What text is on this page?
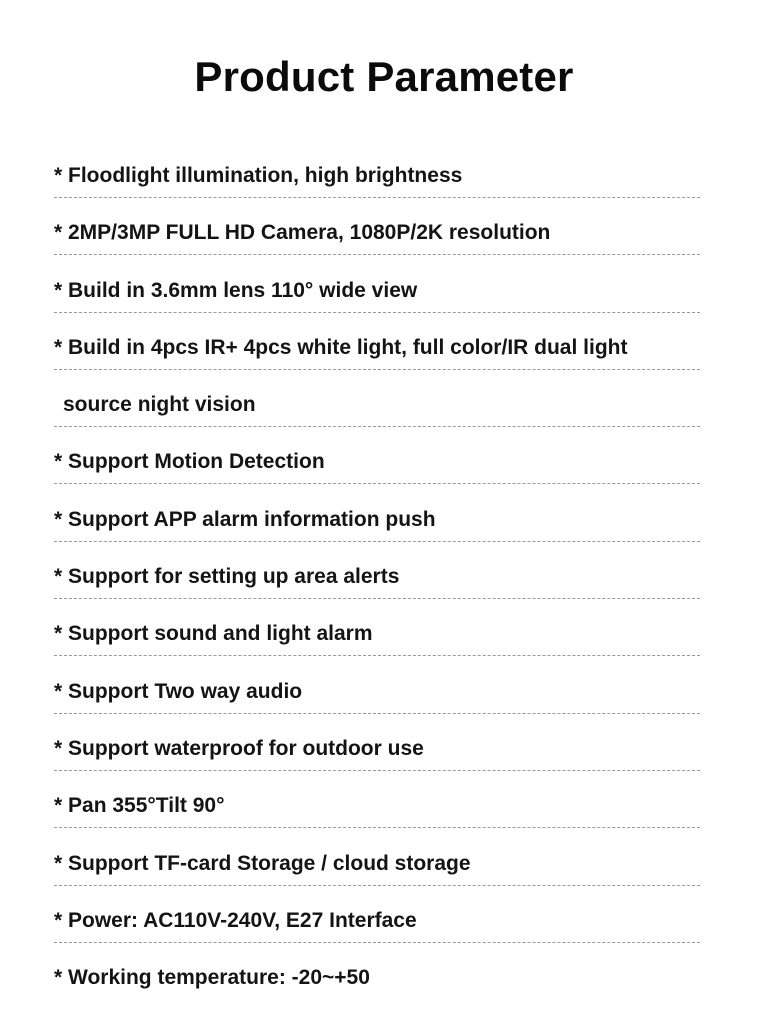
Product Parameter
* Floodlight illumination, high brightness
* 2MP/3MP FULL HD Camera, 1080P/2K resolution
* Build in 3.6mm lens 110° wide view
* Build in 4pcs IR+ 4pcs white light, full color/IR dual light
source night vision
* Support Motion Detection
* Support APP alarm information push
* Support for setting up area alerts
* Support sound and light alarm
* Support Two way audio
* Support waterproof for outdoor use
* Pan 355°Tilt 90°
* Support TF-card Storage / cloud storage
* Power: AC110V-240V, E27 Interface
* Working temperature: -20~+50
